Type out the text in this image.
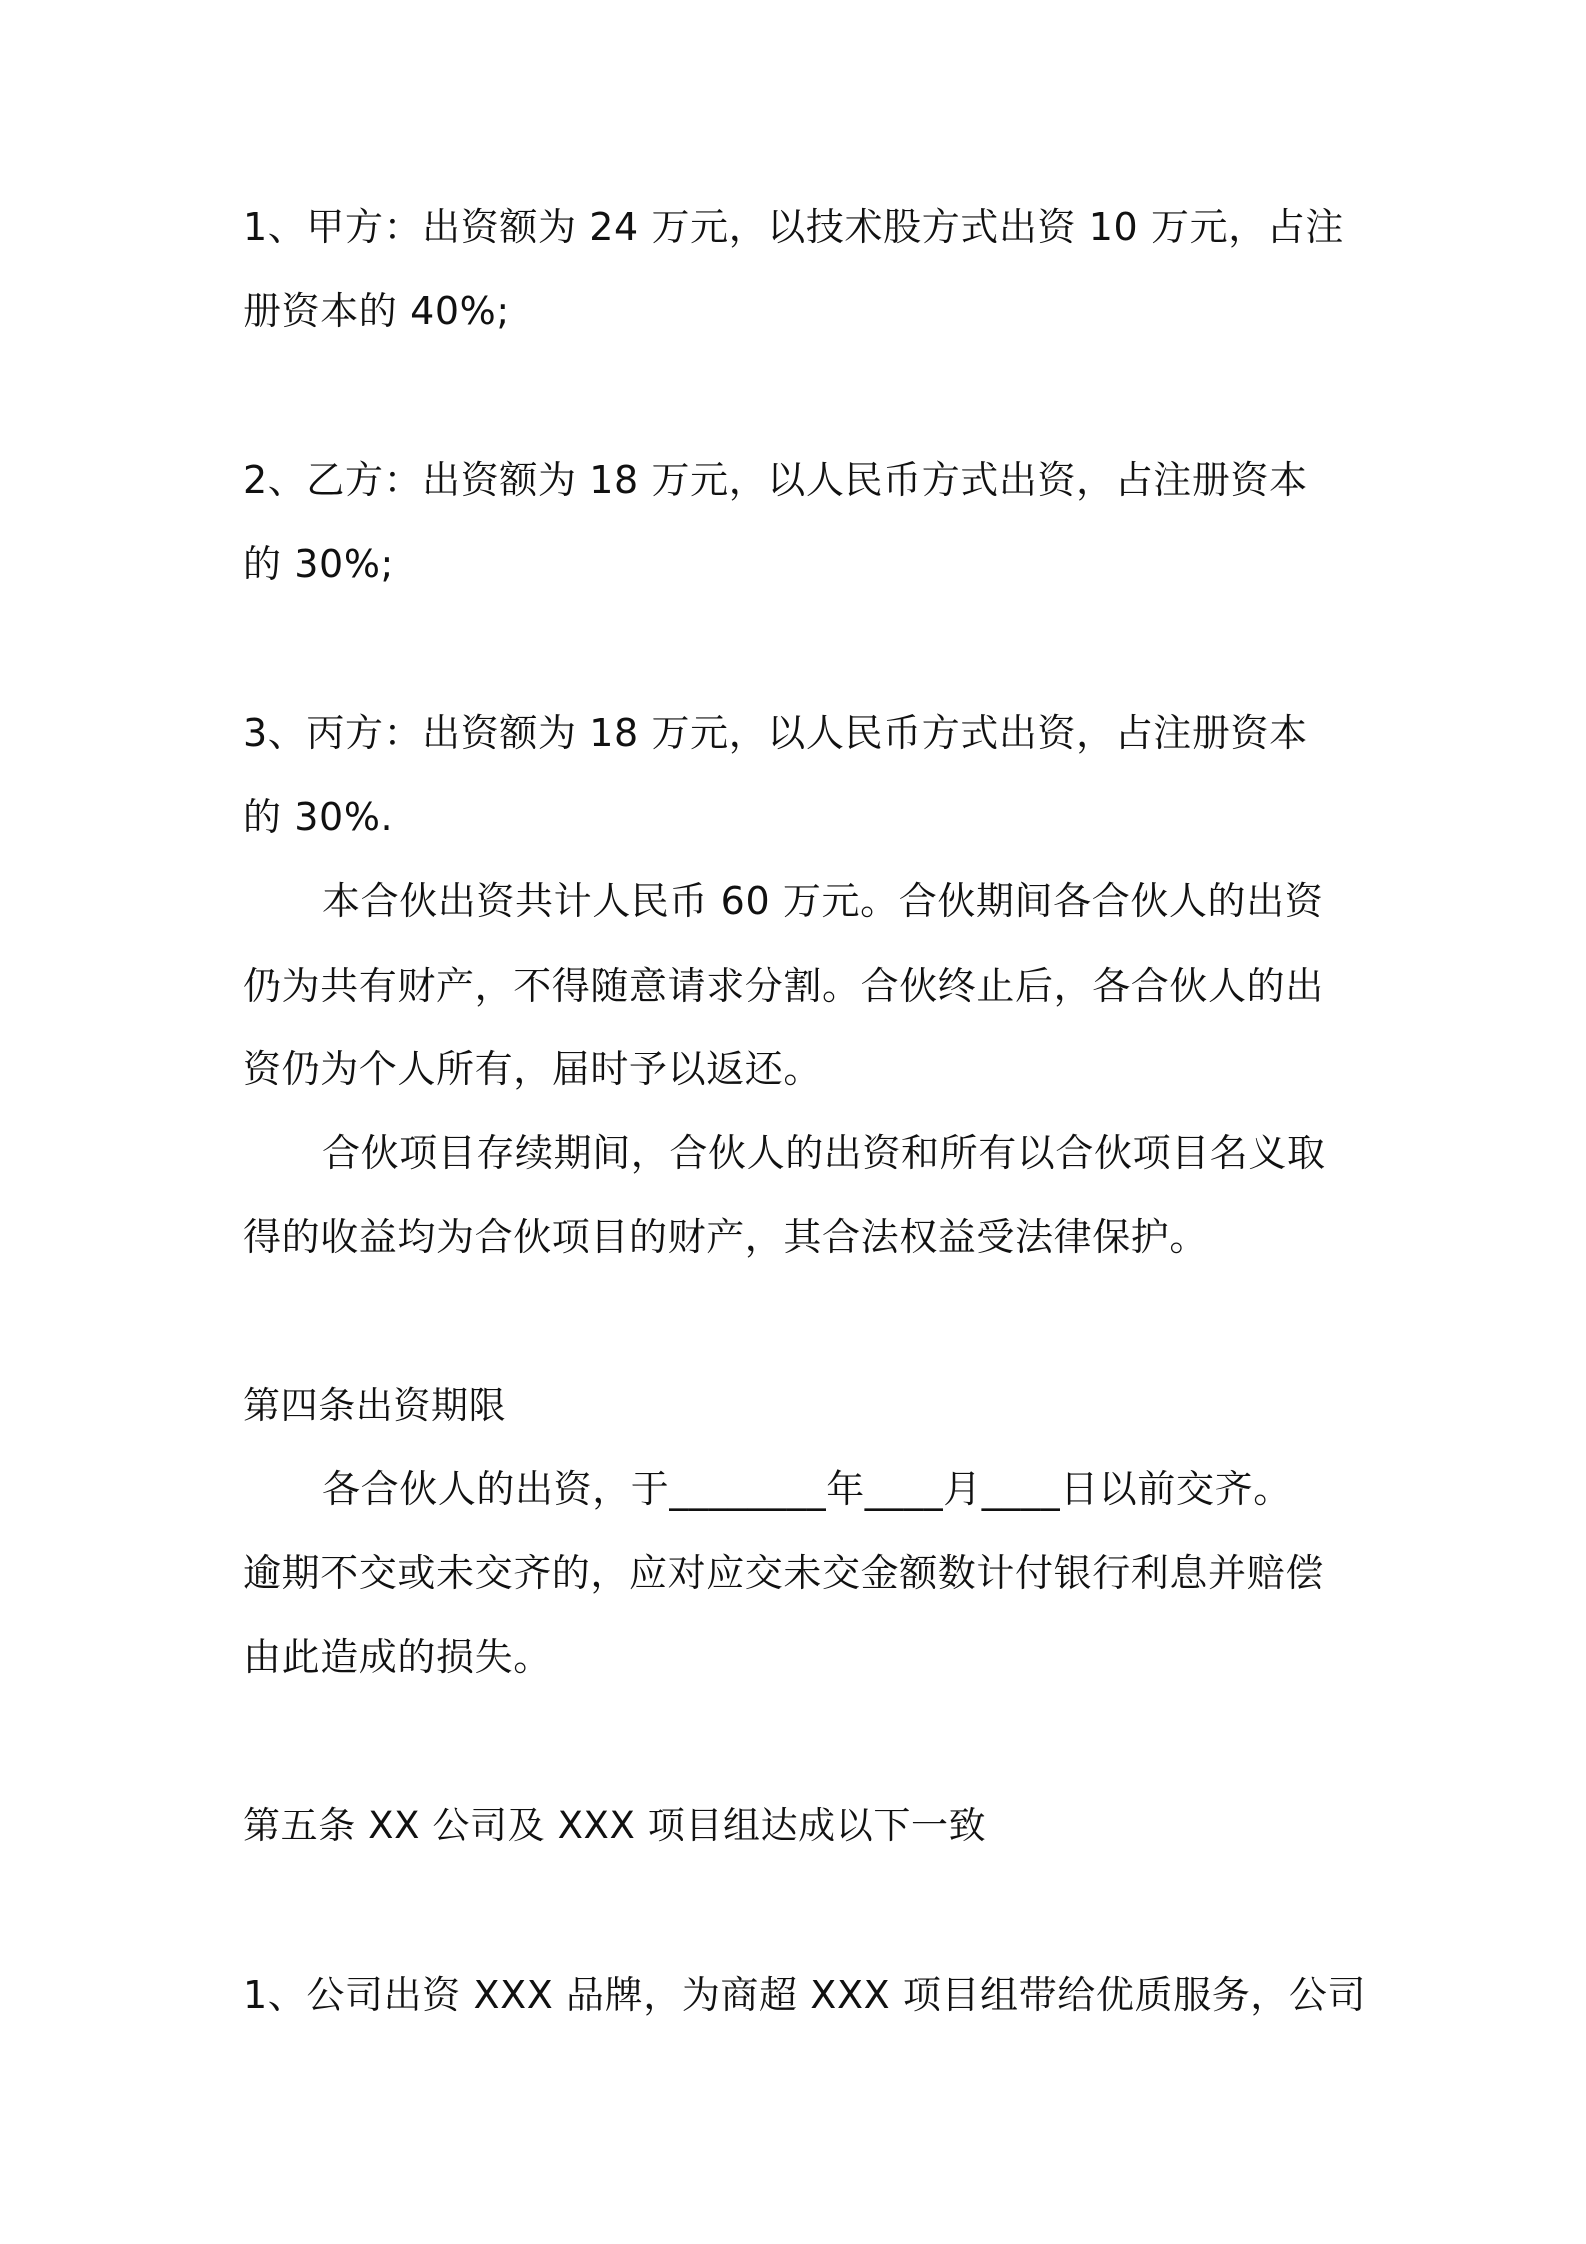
1、甲方：出资额为 24 万元，以技术股方式出资 10 万元，占注
册资本的 40%;
2、乙方：出资额为 18 万元，以人民币方式出资，占注册资本
的 30%;
3、丙方：出资额为 18 万元，以人民币方式出资，占注册资本
的 30%.
本合伙出资共计人民币 60 万元。合伙期间各合伙人的出资
仍为共有财产，不得随意请求分割。合伙终止后，各合伙人的出
资仍为个人所有，届时予以返还。
合伙项目存续期间，合伙人的出资和所有以合伙项目名义取
得的收益均为合伙项目的财产，其合法权益受法律保护。
第四条出资期限
各合伙人的出资，于________年____月____日以前交齐。
逾期不交或未交齐的，应对应交未交金额数计付银行利息并赔偿
由此造成的损失。
第五条 XX 公司及 XXX 项目组达成以下一致
1、公司出资 XXX 品牌，为商超 XXX 项目组带给优质服务，公司
